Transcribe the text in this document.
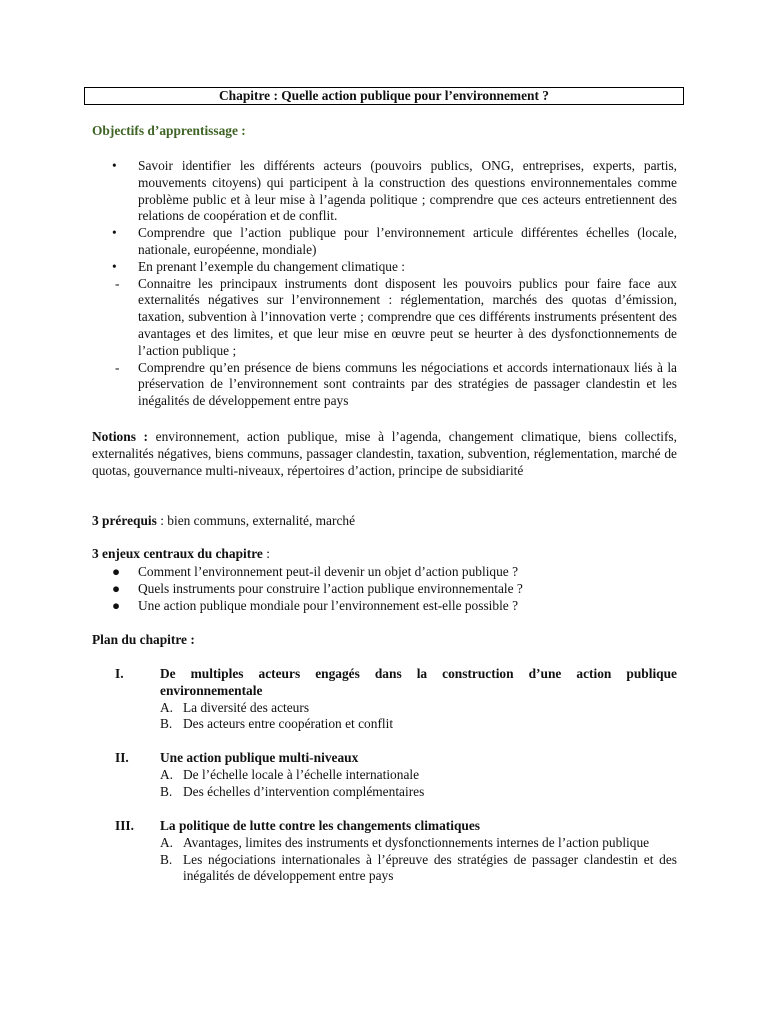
Chapitre : Quelle action publique pour l’environnement ?
Objectifs d’apprentissage :
•	Savoir identifier les différents acteurs (pouvoirs publics, ONG, entreprises, experts, partis, mouvements citoyens) qui participent à la construction des questions environnementales comme problème public et à leur mise à l’agenda politique ; comprendre que ces acteurs entretiennent des relations de coopération et de conflit.
•	Comprendre que l’action publique pour l’environnement articule différentes échelles (locale, nationale, européenne, mondiale)
•	En prenant l’exemple du changement climatique :
-	Connaitre les principaux instruments dont disposent les pouvoirs publics pour faire face aux externalités négatives sur l’environnement : réglementation, marchés des quotas d’émission, taxation, subvention à l’innovation verte ; comprendre que ces différents instruments présentent des avantages et des limites, et que leur mise en œuvre peut se heurter à des dysfonctionnements de l’action publique ;
-	Comprendre qu’en présence de biens communs les négociations et accords internationaux liés à la préservation de l’environnement sont contraints par des stratégies de passager clandestin et les inégalités de développement entre pays
Notions : environnement, action publique, mise à l’agenda, changement climatique, biens collectifs, externalités négatives, biens communs, passager clandestin, taxation, subvention, réglementation, marché de quotas, gouvernance multi-niveaux, répertoires d’action, principe de subsidiarité
3 prérequis : bien communs, externalité, marché
3 enjeux centraux du chapitre :
●	Comment l’environnement peut-il devenir un objet d’action publique ?
●	Quels instruments pour construire l’action publique environnementale ?
●	Une action publique mondiale pour l’environnement est-elle possible ?
Plan du chapitre :
I.	De multiples acteurs engagés dans la construction d’une action publique environnementale
A. La diversité des acteurs
B. Des acteurs entre coopération et conflit
II. Une action publique multi-niveaux
A. De l’échelle locale à l’échelle internationale
B. Des échelles d’intervention complémentaires
III. La politique de lutte contre les changements climatiques
A. Avantages, limites des instruments et dysfonctionnements internes de l’action publique
B. Les négociations internationales à l’épreuve des stratégies de passager clandestin et des inégalités de développement entre pays
